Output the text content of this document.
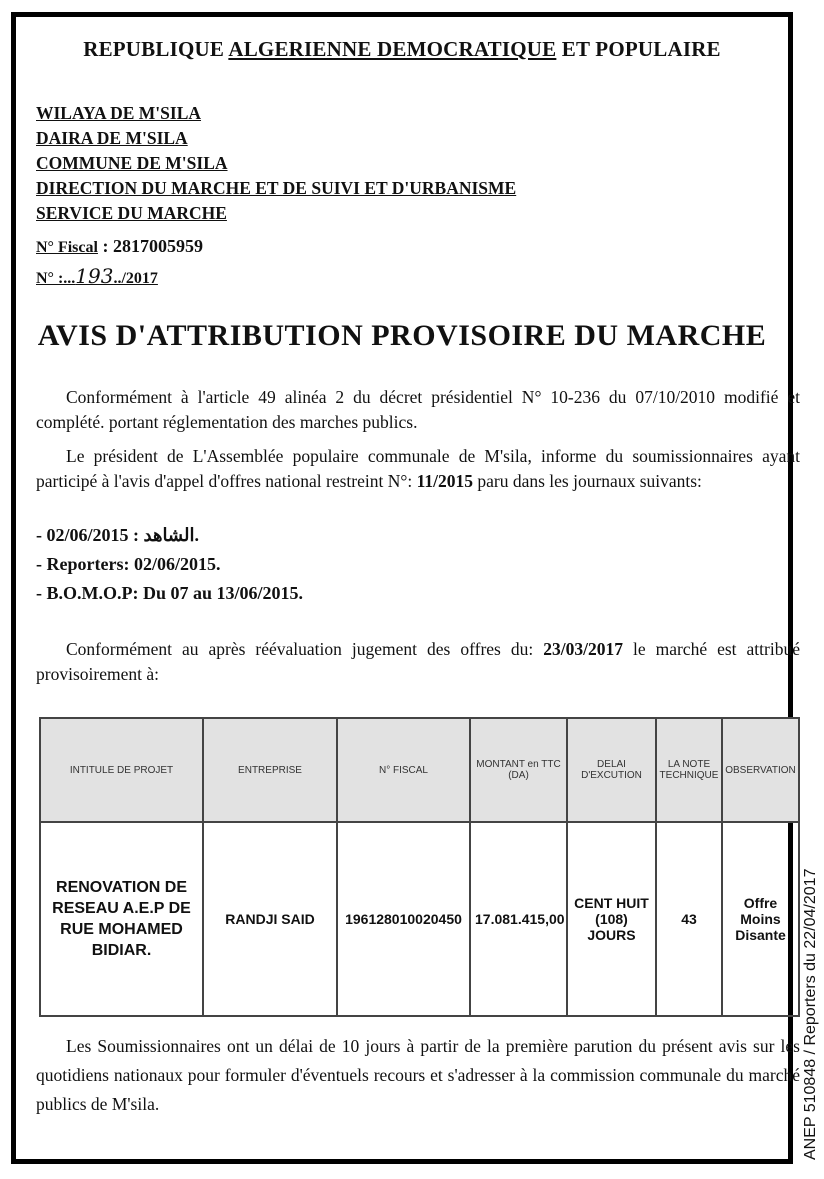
REPUBLIQUE ALGERIENNE DEMOCRATIQUE ET POPULAIRE
WILAYA DE M'SILA
DAIRA DE M'SILA
COMMUNE DE M'SILA
DIRECTION DU MARCHE ET DE SUIVI ET D'URBANISME
SERVICE DU MARCHE
N° Fiscal : 2817005959
N° :...193../2017
AVIS D'ATTRIBUTION PROVISOIRE DU MARCHE
Conformément à l'article 49 alinéa 2 du décret présidentiel N° 10-236 du 07/10/2010 modifié et complété. portant réglementation des marches publics.
Le président de L'Assemblée populaire communale de M'sila, informe du soumissionnaires ayant participé à l'avis d'appel d'offres national restreint N°: 11/2015 paru dans les journaux suivants:
- الشاهد : 02/06/2015.
- Reporters: 02/06/2015.
- B.O.M.O.P: Du 07 au 13/06/2015.
Conformément au après réévaluation jugement des offres du: 23/03/2017 le marché est attribué provisoirement à:
INTITULE DE PROJET	ENTREPRISE	N° FISCAL	MONTANT en TTC (DA)	DELAI D'EXCUTION	LA NOTE TECHNIQUE	OBSERVATION
RENOVATION DE RESEAU A.E.P DE RUE MOHAMED BIDIAR.	RANDJI SAID	196128010020450	17.081.415,00	CENT HUIT (108) JOURS	43	Offre Moins Disante
Les Soumissionnaires ont un délai de 10 jours à partir de la première parution du présent avis sur les quotidiens nationaux pour formuler d'éventuels recours et s'adresser à la commission communale du marché publics de M'sila.	ANEP 510848 / Reporters du 22/04/2017
